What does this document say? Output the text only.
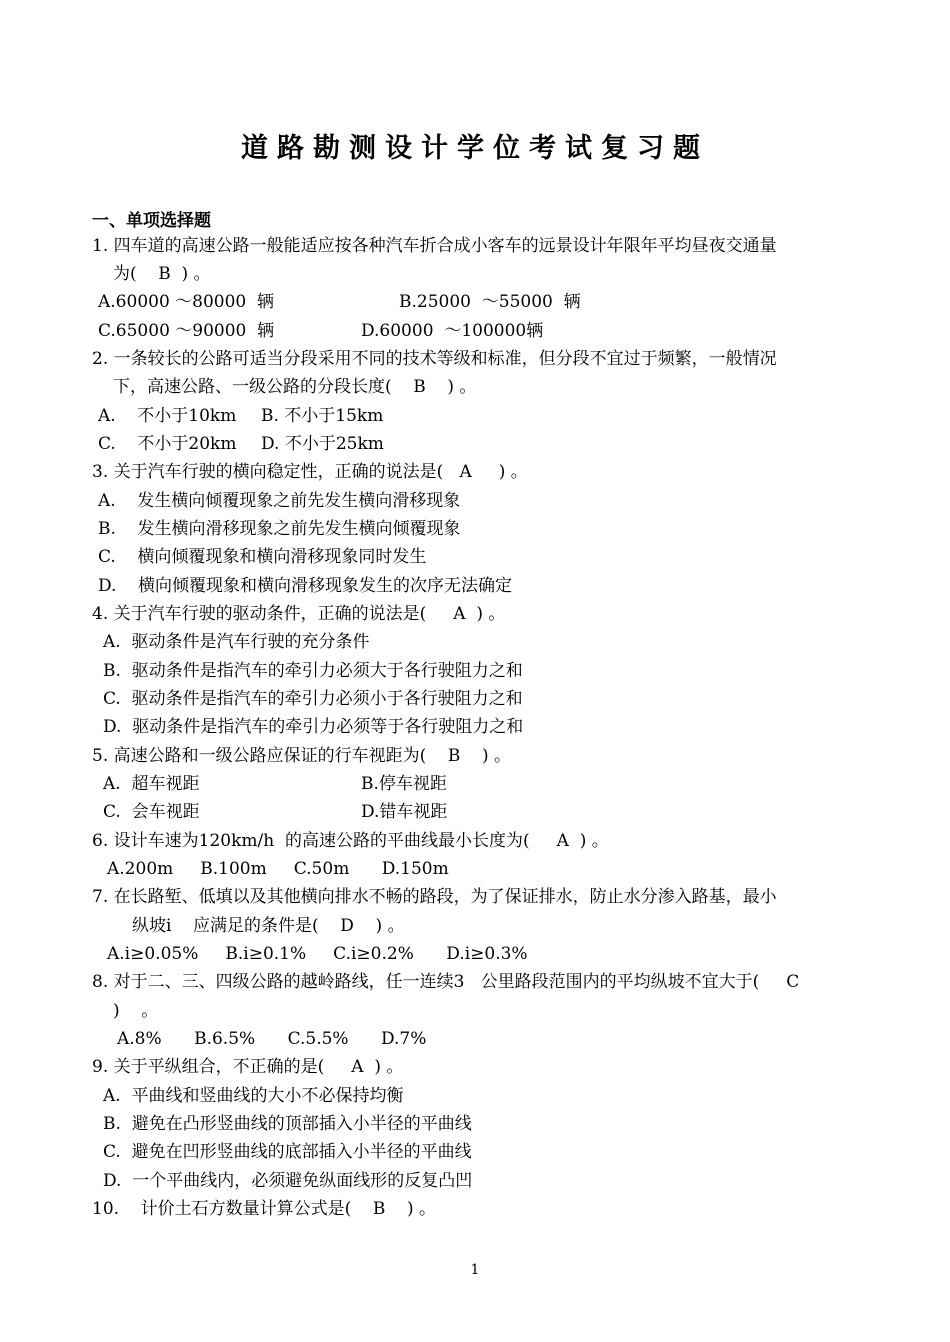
道路勘测设计学位考试复习题
一、单项选择题
1. 四车道的高速公路一般能适应按各种汽车折合成小客车的远景设计年限年平均昼夜交通量
为(    B  ) 。
A.60000 ～80000  辆	B.25000  ～55000  辆
C.65000 ～90000  辆	D.60000  ～100000辆
2. 一条较长的公路可适当分段采用不同的技术等级和标准，但分段不宜过于频繁，一般情况
下，高速公路、一级公路的分段长度(    B    ) 。
A.    不小于10km B. 不小于15km
C.    不小于20km D. 不小于25km
3. 关于汽车行驶的横向稳定性，正确的说法是(   A     ) 。
A.    发生横向倾覆现象之前先发生横向滑移现象
B.    发生横向滑移现象之前先发生横向倾覆现象
C.    横向倾覆现象和横向滑移现象同时发生
D.    横向倾覆现象和横向滑移现象发生的次序无法确定
4. 关于汽车行驶的驱动条件，正确的说法是(     A  ) 。
A.  驱动条件是汽车行驶的充分条件
B.  驱动条件是指汽车的牵引力必须大于各行驶阻力之和
C.  驱动条件是指汽车的牵引力必须小于各行驶阻力之和
D.  驱动条件是指汽车的牵引力必须等于各行驶阻力之和
5. 高速公路和一级公路应保证的行车视距为(    B    ) 。
A.  超车视距	B.停车视距
C.  会车视距	D.错车视距
6. 设计车速为120km/h  的高速公路的平曲线最小长度为(     A  ) 。
A.200m     B.100m     C.50m      D.150m
7. 在长路堑、低填以及其他横向排水不畅的路段，为了保证排水，防止水分渗入路基，最小
纵坡i    应满足的条件是(    D    ) 。
A.i≥0.05%     B.i≥0.1%     C.i≥0.2%      D.i≥0.3%
8. 对于二、三、四级公路的越岭路线，任一连续3   公里路段范围内的平均纵坡不宜大于(     C
)    。
A.8%      B.6.5%      C.5.5%      D.7%
9. 关于平纵组合，不正确的是(     A  ) 。
A.  平曲线和竖曲线的大小不必保持均衡
B.  避免在凸形竖曲线的顶部插入小半径的平曲线
C.  避免在凹形竖曲线的底部插入小半径的平曲线
D.  一个平曲线内，必须避免纵面线形的反复凸凹
10.    计价土石方数量计算公式是(    B    ) 。
1
